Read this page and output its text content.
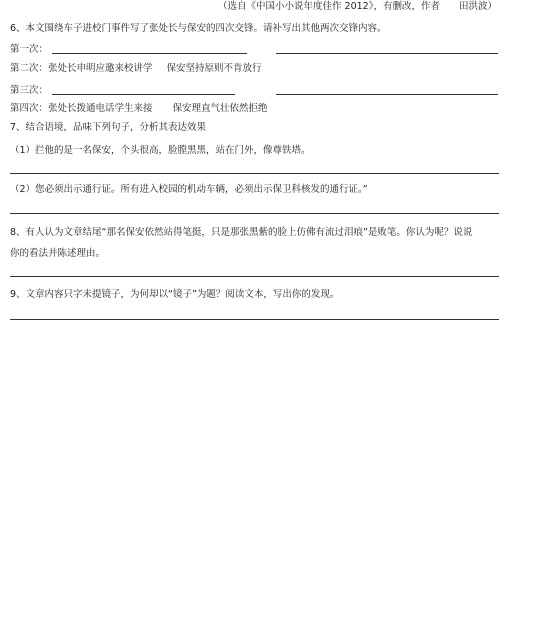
（选自《中国小小说年度佳作 2012》，有删改，作者　　田洪波）
6、本文围绕车子进校门事件写了张处长与保安的四次交锋。请补写出其他两次交锋内容。
第一次：
第二次：张处长申明应邀来校讲学 保安坚持原则不肯放行
第三次：
第四次：张处长拨通电话学生来接 保安理直气壮依然拒绝
7、结合语境，品味下列句子，分析其表达效果
（1）拦他的是一名保安，个头很高，脸膛黑黑，站在门外，像尊铁塔。
（2）您必须出示通行证。所有进入校园的机动车辆，必须出示保卫科核发的通行证。”
8、有人认为文章结尾“那名保安依然站得笔挺，只是那张黑紫的脸上仿佛有流过泪痕”是败笔。你认为呢？说说
你的看法并陈述理由。
9、文章内容只字未提镜子，为何却以“镜子”为题？阅读文本，写出你的发现。
